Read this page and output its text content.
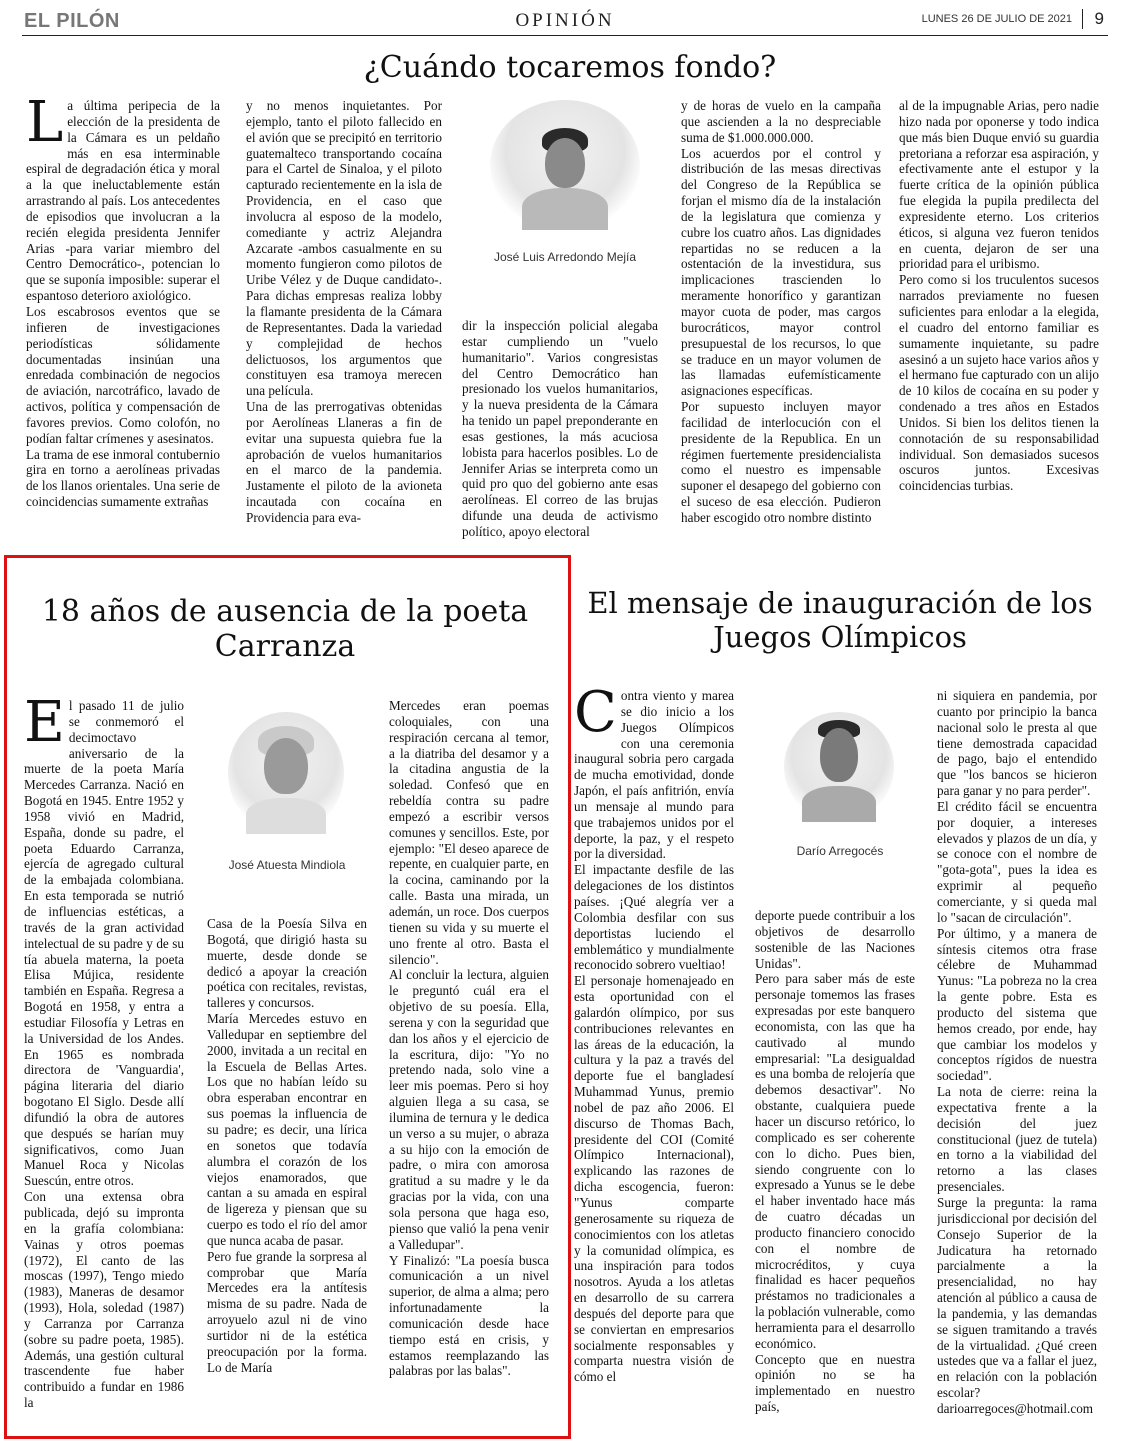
EL PILÓN	OPINIÓN	LUNES 26 DE JULIO DE 2021	9
¿Cuándo tocaremos fondo?
L a última peripecia de la elección de la presidenta de la Cámara es un peldaño más en esa interminable espiral de degradación ética y moral a la que ineluctablemente están arrastrando al país. Los antecedentes de episodios que involucran a la recién elegida presidenta Jennifer Arias -para variar miembro del Centro Democrático-, potencian lo que se suponía imposible: superar el espantoso deterioro axiológico.

Los escabrosos eventos que se infieren de investigaciones periodísticas sólidamente documentadas insinúan una enredada combinación de negocios de aviación, narcotráfico, lavado de activos, política y compensación de favores previos. Como colofón, no podían faltar crímenes y asesinatos.

La trama de ese inmoral contubernio gira en torno a aerolíneas privadas de los llanos orientales. Una serie de coincidencias sumamente extrañas

y no menos inquietantes. Por ejemplo, tanto el piloto fallecido en el avión que se precipitó en territorio guatemalteco transportando cocaína para el Cartel de Sinaloa, y el piloto capturado recientemente en la isla de Providencia, en el caso que involucra al esposo de la modelo, comediante y actriz Alejandra Azcarate -ambos casualmente en su momento fungieron como pilotos de Uribe Vélez y de Duque candidato-. Para dichas empresas realiza lobby la flamante presidenta de la Cámara de Representantes. Dada la variedad y complejidad de hechos delictuosos, los argumentos que constituyen esa tramoya merecen una película.

Una de las prerrogativas obtenidas por Aerolíneas Llaneras a fin de evitar una supuesta quiebra fue la aprobación de vuelos humanitarios en el marco de la pandemia. Justamente el piloto de la avioneta incautada con cocaína en Providencia para eva-

José Luis Arredondo Mejía

dir la inspección policial alegaba estar cumpliendo un "vuelo humanitario". Varios congresistas del Centro Democrático han presionado los vuelos humanitarios, y la nueva presidenta de la Cámara ha tenido un papel preponderante en esas gestiones, la más acuciosa lobista para hacerlos posibles. Lo de Jennifer Arias se interpreta como un quid pro quo del gobierno ante esas aerolíneas. El correo de las brujas difunde una deuda de activismo político, apoyo electoral

y de horas de vuelo en la campaña que ascienden a la no despreciable suma de $1.000.000.000.

Los acuerdos por el control y distribución de las mesas directivas del Congreso de la República se forjan el mismo día de la instalación de la legislatura que comienza y cubre los cuatro años. Las dignidades repartidas no se reducen a la ostentación de la investidura, sus implicaciones trascienden lo meramente honorífico y garantizan mayor cuota de poder, mas cargos burocráticos, mayor control presupuestal de los recursos, lo que se traduce en un mayor volumen de las llamadas eufemísticamente asignaciones específicas.

Por supuesto incluyen mayor facilidad de interlocución con el presidente de la Republica. En un régimen fuertemente presidencialista como el nuestro es impensable suponer el desapego del gobierno con el suceso de esa elección. Pudieron haber escogido otro nombre distinto

al de la impugnable Arias, pero nadie hizo nada por oponerse y todo indica que más bien Duque envió su guardia pretoriana a reforzar esa aspiración, y efectivamente ante el estupor y la fuerte crítica de la opinión pública fue elegida la pupila predilecta del expresidente eterno. Los criterios éticos, si alguna vez fueron tenidos en cuenta, dejaron de ser una prioridad para el uribismo.

Pero como si los truculentos sucesos narrados previamente no fuesen suficientes para enlodar a la elegida, el cuadro del entorno familiar es sumamente inquietante, su padre asesinó a un sujeto hace varios años y el hermano fue capturado con un alijo de 10 kilos de cocaína en su poder y condenado a tres años en Estados Unidos. Si bien los delitos tienen la connotación de su responsabilidad individual. Son demasiados sucesos oscuros juntos. Excesivas coincidencias turbias.

18 años de ausencia de la poeta Carranza
E l pasado 11 de julio se conmemoró el decimoctavo aniversario de la muerte de la poeta María Mercedes Carranza. Nació en Bogotá en 1945. Entre 1952 y 1958 vivió en Madrid, España, donde su padre, el poeta Eduardo Carranza, ejercía de agregado cultural de la embajada colombiana. En esta temporada se nutrió de influencias estéticas, a través de la gran actividad intelectual de su padre y de su tía abuela materna, la poeta Elisa Mújica, residente también en España. Regresa a Bogotá en 1958, y entra a estudiar Filosofía y Letras en la Universidad de los Andes. En 1965 es nombrada directora de 'Vanguardia', página literaria del diario bogotano El Siglo. Desde allí difundió la obra de autores que después se harían muy significativos, como Juan Manuel Roca y Nicolas Suescún, entre otros.

Con una extensa obra publicada, dejó su impronta en la grafía colombiana: Vainas y otros poemas (1972), El canto de las moscas (1997), Tengo miedo (1983), Maneras de desamor (1993), Hola, soledad (1987) y Carranza por Carranza (sobre su padre poeta, 1985). Además, una gestión cultural trascendente fue haber contribuido a fundar en 1986 la

José Atuesta Mindiola

Casa de la Poesía Silva en Bogotá, que dirigió hasta su muerte, desde donde se dedicó a apoyar la creación poética con recitales, revistas, talleres y concursos.

María Mercedes estuvo en Valledupar en septiembre del 2000, invitada a un recital en la Escuela de Bellas Artes. Los que no habían leído su obra esperaban encontrar en sus poemas la influencia de su padre; es decir, una lírica en sonetos que todavía alumbra el corazón de los viejos enamorados, que cantan a su amada en espiral de ligereza y piensan que su cuerpo es todo el río del amor que nunca acaba de pasar.

Pero fue grande la sorpresa al comprobar que María Mercedes era la antítesis misma de su padre. Nada de arroyuelo azul ni de vino surtidor ni de la estética preocupación por la forma. Lo de María

Mercedes eran poemas coloquiales, con una respiración cercana al temor, a la diatriba del desamor y a la citadina angustia de la soledad. Confesó que en rebeldía contra su padre empezó a escribir versos comunes y sencillos. Este, por ejemplo: "El deseo aparece de repente, en cualquier parte, en la cocina, caminando por la calle. Basta una mirada, un ademán, un roce. Dos cuerpos tienen su vida y su muerte el uno frente al otro. Basta el silencio".

Al concluir la lectura, alguien le preguntó cuál era el objetivo de su poesía. Ella, serena y con la seguridad que dan los años y el ejercicio de la escritura, dijo: "Yo no pretendo nada, solo vine a leer mis poemas. Pero si hoy alguien llega a su casa, se ilumina de ternura y le dedica un verso a su mujer, o abraza a su hijo con la emoción de padre, o mira con amorosa gratitud a su madre y le da gracias por la vida, con una sola persona que haga eso, pienso que valió la pena venir a Valledupar".

Y Finalizó: "La poesía busca comunicación a un nivel superior, de alma a alma; pero infortunadamente la comunicación desde hace tiempo está en crisis, y estamos reemplazando las palabras por las balas".

El mensaje de inauguración de los Juegos Olímpicos
C ontra viento y marea se dio inicio a los Juegos Olímpicos con una ceremonia inaugural sobria pero cargada de mucha emotividad, donde Japón, el país anfitrión, envía un mensaje al mundo para que trabajemos unidos por el deporte, la paz, y el respeto por la diversidad.

El impactante desfile de las delegaciones de los distintos países. ¡Qué alegría ver a Colombia desfilar con sus deportistas luciendo el emblemático y mundialmente reconocido sobrero vueltiao!

El personaje homenajeado en esta oportunidad con el galardón olímpico, por sus contribuciones relevantes en las áreas de la educación, la cultura y la paz a través del deporte fue el bangladesí Muhammad Yunus, premio nobel de paz año 2006. El discurso de Thomas Bach, presidente del COI (Comité Olímpico Internacional), explicando las razones de dicha escogencia, fueron: "Yunus comparte generosamente su riqueza de conocimientos con los atletas y la comunidad olímpica, es una inspiración para todos nosotros. Ayuda a los atletas en desarrollo de su carrera después del deporte para que se conviertan en empresarios socialmente responsables y comparta nuestra visión de cómo el

Darío Arregocés

deporte puede contribuir a los objetivos de desarrollo sostenible de las Naciones Unidas".

Pero para saber más de este personaje tomemos las frases expresadas por este banquero economista, con las que ha cautivado al mundo empresarial: "La desigualdad es una bomba de relojería que debemos desactivar". No obstante, cualquiera puede hacer un discurso retórico, lo complicado es ser coherente con lo dicho. Pues bien, siendo congruente con lo expresado a Yunus se le debe el haber inventado hace más de cuatro décadas un producto financiero conocido con el nombre de microcréditos, y cuya finalidad es hacer pequeños préstamos no tradicionales a la población vulnerable, como herramienta para el desarrollo económico.

Concepto que en nuestra opinión no se ha implementado en nuestro país,

ni siquiera en pandemia, por cuanto por principio la banca nacional solo le presta al que tiene demostrada capacidad de pago, bajo el entendido que "los bancos se hicieron para ganar y no para perder".

El crédito fácil se encuentra por doquier, a intereses elevados y plazos de un día, y se conoce con el nombre de "gota-gota", pues la idea es exprimir al pequeño comerciante, y si queda mal lo "sacan de circulación".

Por último, y a manera de síntesis citemos otra frase célebre de Muhammad Yunus: "La pobreza no la crea la gente pobre. Esta es producto del sistema que hemos creado, por ende, hay que cambiar los modelos y conceptos rígidos de nuestra sociedad".

La nota de cierre: reina la expectativa frente a la decisión del juez constitucional (juez de tutela) en torno a la viabilidad del retorno a las clases presenciales.

Surge la pregunta: la rama jurisdiccional por decisión del Consejo Superior de la Judicatura ha retornado parcialmente a la presencialidad, no hay atención al público a causa de la pandemia, y las demandas se siguen tramitando a través de la virtualidad. ¿Qué creen ustedes que va a fallar el juez, en relación con la población escolar? darioarregoces@hotmail.com
